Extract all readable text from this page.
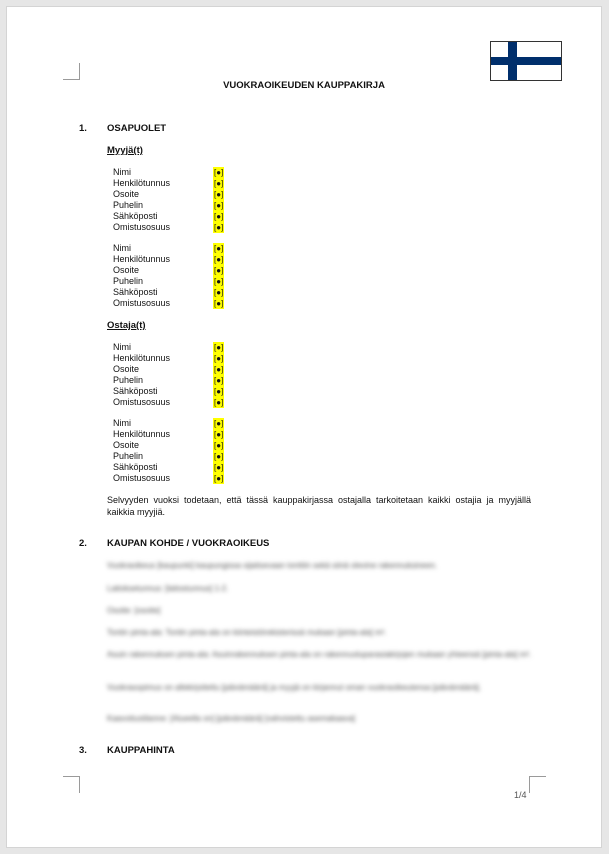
VUOKRAOIKEUDEN KAUPPAKIRJA
1. OSAPUOLET
Myyjä(t)
Nimi	[●]
Henkilötunnus	[●]
Osoite	[●]
Puhelin	[●]
Sähköposti	[●]
Omistusosuus	[●]
Nimi	[●]
Henkilötunnus	[●]
Osoite	[●]
Puhelin	[●]
Sähköposti	[●]
Omistusosuus	[●]
Ostaja(t)
Nimi	[●]
Henkilötunnus	[●]
Osoite	[●]
Puhelin	[●]
Sähköposti	[●]
Omistusosuus	[●]
Nimi	[●]
Henkilötunnus	[●]
Osoite	[●]
Puhelin	[●]
Sähköposti	[●]
Omistusosuus	[●]
Selvyyden vuoksi todetaan, että tässä kauppakirjassa ostajalla tarkoitetaan kaikki ostajia ja myyjällä kaikkia myyjiä.
2. KAUPAN KOHDE / VUOKRAOIKEUS
Vuokraoikeus [kaupunki] kaupungissa sijaitsevaan tonttiin sekä siinä olevine rakennuksineen.
Laitoksetunnus: [laitostunnus] 1-2.
Osoite: [osoite]
Tontin pinta-ala: Tontin pinta-ala on kiinteistörekisterissä mukaan [pinta-ala] m².
Asuin rakennuksen pinta-ala: Asuinrakennuksen pinta-ala on rakennusluparasiakirjojen mukaan yhteensä [pinta-ala] m².
Vuokrasopimus on allekirjoitettu [päivämäärä] ja myyjä on kirjannut oman vuokraoikeutensa [päivämäärä].
Kaavoitustilanne: [Alueella on] [päivämäärä] [vahvistettu asemakaava]
3. KAUPPAHINTA
1/4
